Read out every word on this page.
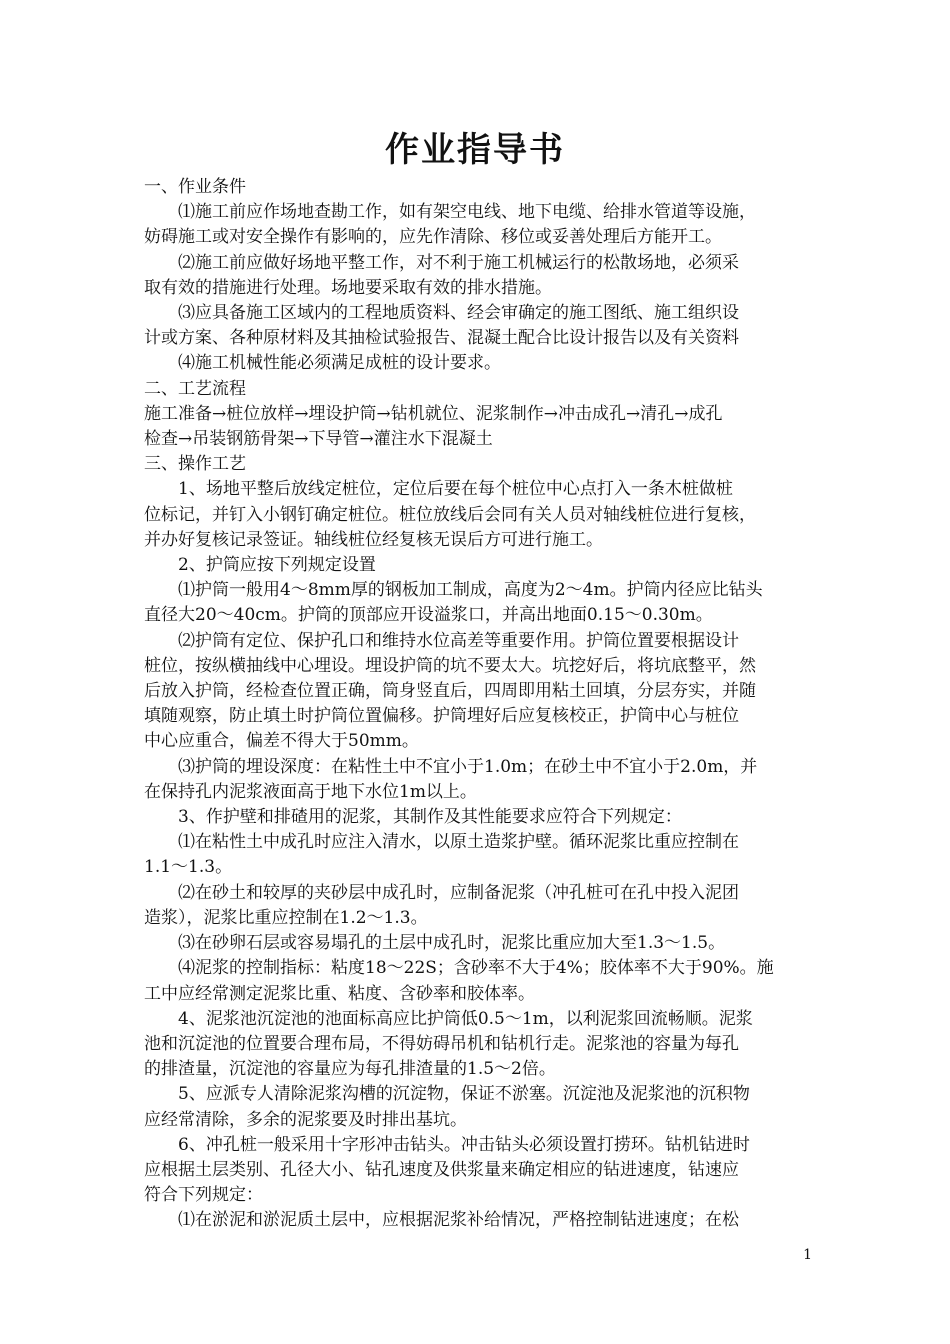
作业指导书

一、作业条件

⑴施工前应作场地查勘工作，如有架空电线、地下电缆、给排水管道等设施，

妨碍施工或对安全操作有影响的，应先作清除、移位或妥善处理后方能开工。

⑵施工前应做好场地平整工作，对不利于施工机械运行的松散场地，必须采

取有效的措施进行处理。场地要采取有效的排水措施。

⑶应具备施工区域内的工程地质资料、经会审确定的施工图纸、施工组织设

计或方案、各种原材料及其抽检试验报告、混凝土配合比设计报告以及有关资料

⑷施工机械性能必须满足成桩的设计要求。

二、工艺流程

施工准备→桩位放样→埋设护筒→钻机就位、泥浆制作→冲击成孔→清孔→成孔

检查→吊装钢筋骨架→下导管→灌注水下混凝土

三、操作工艺

1、场地平整后放线定桩位，定位后要在每个桩位中心点打入一条木桩做桩

位标记，并钉入小钢钉确定桩位。桩位放线后会同有关人员对轴线桩位进行复核，

并办好复核记录签证。轴线桩位经复核无误后方可进行施工。

2、护筒应按下列规定设置

⑴护筒一般用4～8mm厚的钢板加工制成，高度为2～4m。护筒内径应比钻头

直径大20～40cm。护筒的顶部应开设溢浆口，并高出地面0.15～0.30m。

⑵护筒有定位、保护孔口和维持水位高差等重要作用。护筒位置要根据设计

桩位，按纵横抽线中心埋设。埋设护筒的坑不要太大。坑挖好后，将坑底整平，然

后放入护筒，经检查位置正确，筒身竖直后，四周即用粘土回填，分层夯实，并随

填随观察，防止填土时护筒位置偏移。护筒埋好后应复核校正，护筒中心与桩位

中心应重合，偏差不得大于50mm。

⑶护筒的埋设深度：在粘性土中不宜小于1.0m；在砂土中不宜小于2.0m，并

在保持孔内泥浆液面高于地下水位1m以上。

3、作护壁和排碴用的泥浆，其制作及其性能要求应符合下列规定：

⑴在粘性土中成孔时应注入清水，以原土造浆护壁。循环泥浆比重应控制在

1.1～1.3。

⑵在砂土和较厚的夹砂层中成孔时，应制备泥浆（冲孔桩可在孔中投入泥团

造浆），泥浆比重应控制在1.2～1.3。

⑶在砂卵石层或容易塌孔的土层中成孔时，泥浆比重应加大至1.3～1.5。

⑷泥浆的控制指标：粘度18～22S；含砂率不大于4%；胶体率不大于90%。施

工中应经常测定泥浆比重、粘度、含砂率和胶体率。

4、泥浆池沉淀池的池面标高应比护筒低0.5～1m，以利泥浆回流畅顺。泥浆

池和沉淀池的位置要合理布局，不得妨碍吊机和钻机行走。泥浆池的容量为每孔

的排渣量，沉淀池的容量应为每孔排渣量的1.5～2倍。

5、应派专人清除泥浆沟槽的沉淀物，保证不淤塞。沉淀池及泥浆池的沉积物

应经常清除，多余的泥浆要及时排出基坑。

6、冲孔桩一般采用十字形冲击钻头。冲击钻头必须设置打捞环。钻机钻进时

应根据土层类别、孔径大小、钻孔速度及供浆量来确定相应的钻进速度，钻速应

符合下列规定：

⑴在淤泥和淤泥质土层中，应根据泥浆补给情况，严格控制钻进速度；在松

1
